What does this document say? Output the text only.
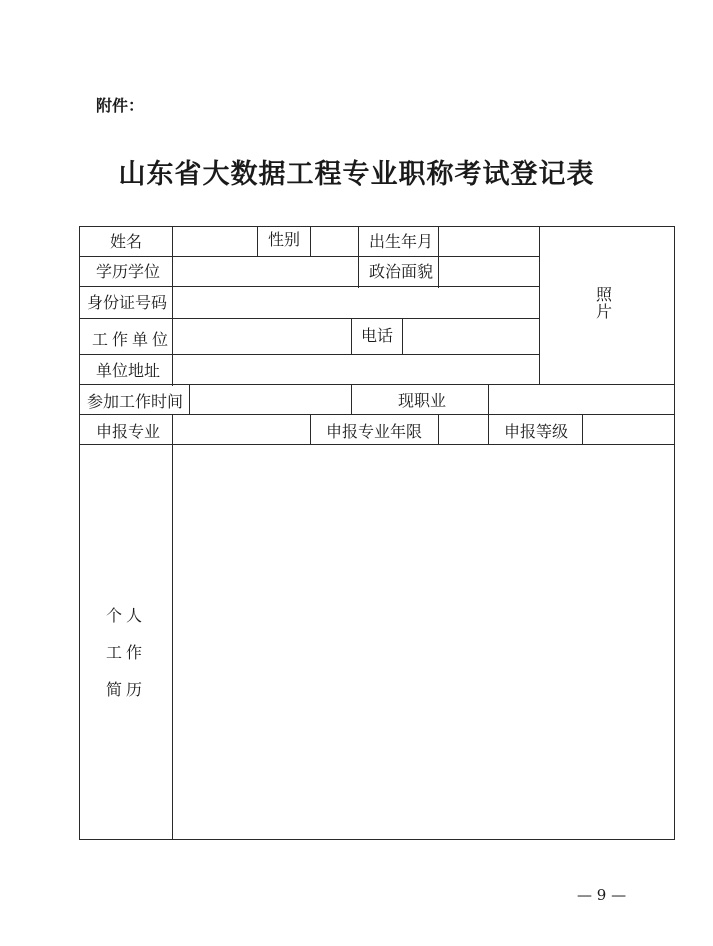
附件：
山东省大数据工程专业职称考试登记表
姓名	性别	出生年月
照片
学历学位	政治面貌
身份证号码
工作单位	电话
单位地址
参加工作时间	现职业
申报专业	申报专业年限	申报等级
个人
工作
简历
— 9 —
